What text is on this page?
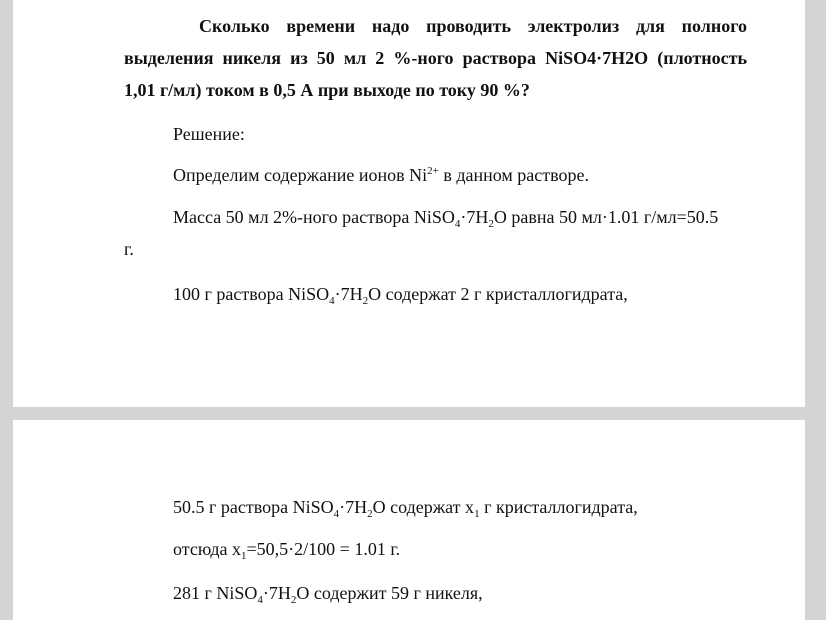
Сколько времени надо проводить электролиз для полного
выделения никеля из 50 мл 2 %-ного раствора NiSO4·7H2O (плотность
1,01 г/мл) током в 0,5 А при выходе по току 90 %?
Решение:
Определим содержание ионов $Ni^{2+}$ в данном растворе.
Масса 50 мл 2%-ного раствора $NiSO_4\cdot 7H_2O$ равна 50 мл·1.01 г/мл=50.5
г.
100 г раствора $NiSO_4\cdot 7H_2O$ содержат 2 г кристаллогидрата,
50.5 г раствора $NiSO_4\cdot 7H_2O$ содержат $x_1$ г кристаллогидрата,
отсюда $x_1=50,5\cdot 2/100 = 1.01$ г.
281 г $NiSO_4\cdot 7H_2O$ содержит 59 г никеля,
